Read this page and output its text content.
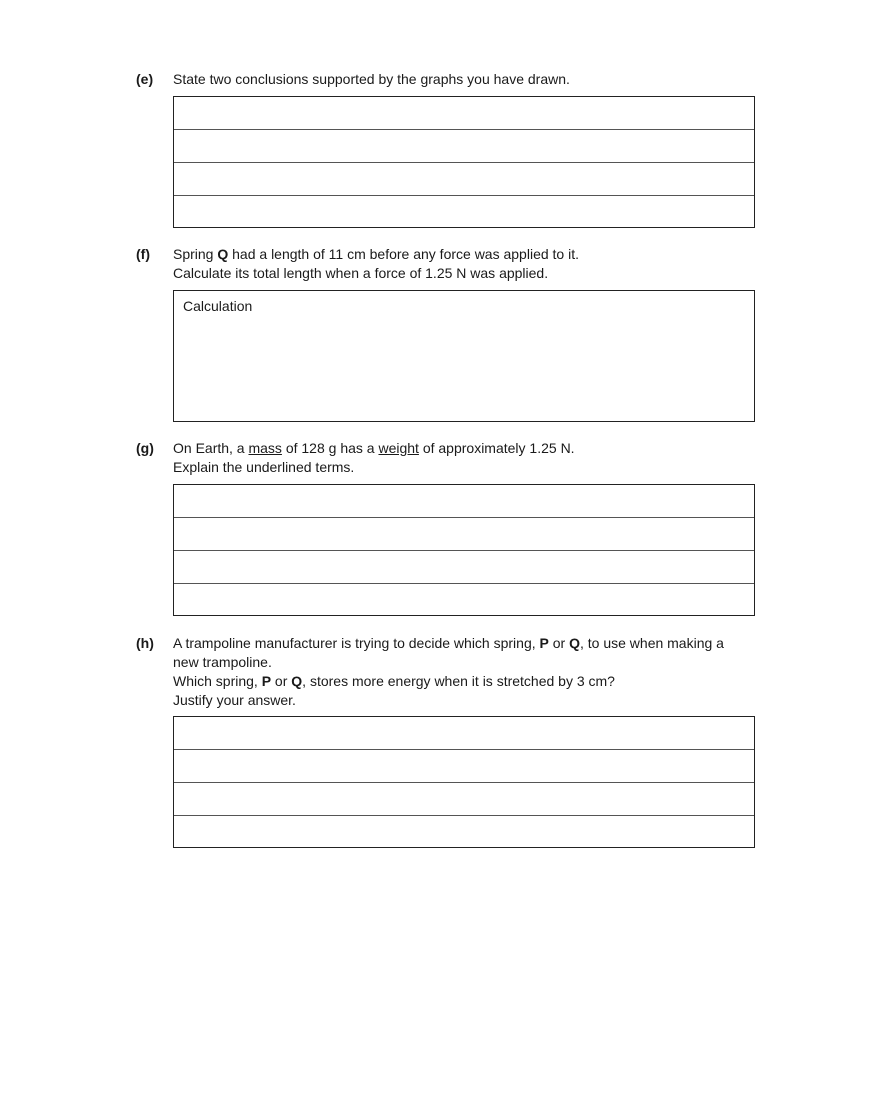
(e) State two conclusions supported by the graphs you have drawn.
(f) Spring Q had a length of 11 cm before any force was applied to it.
Calculate its total length when a force of 1.25 N was applied.
Calculation
(g) On Earth, a mass of 128 g has a weight of approximately 1.25 N.
Explain the underlined terms.
(h) A trampoline manufacturer is trying to decide which spring, P or Q, to use when making a
new trampoline.
Which spring, P or Q, stores more energy when it is stretched by 3 cm?
Justify your answer.
